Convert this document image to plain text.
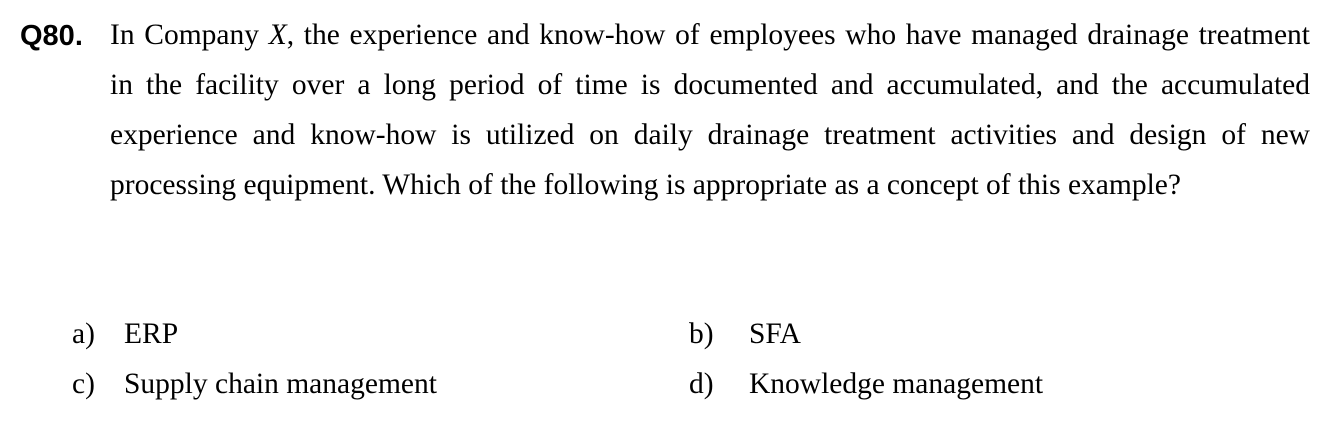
Q80. In Company X, the experience and know-how of employees who have managed drainage treatment in the facility over a long period of time is documented and accumulated, and the accumulated experience and know-how is utilized on daily drainage treatment activities and design of new processing equipment. Which of the following is appropriate as a concept of this example?

a) ERP	b) SFA
c) Supply chain management	d) Knowledge management
